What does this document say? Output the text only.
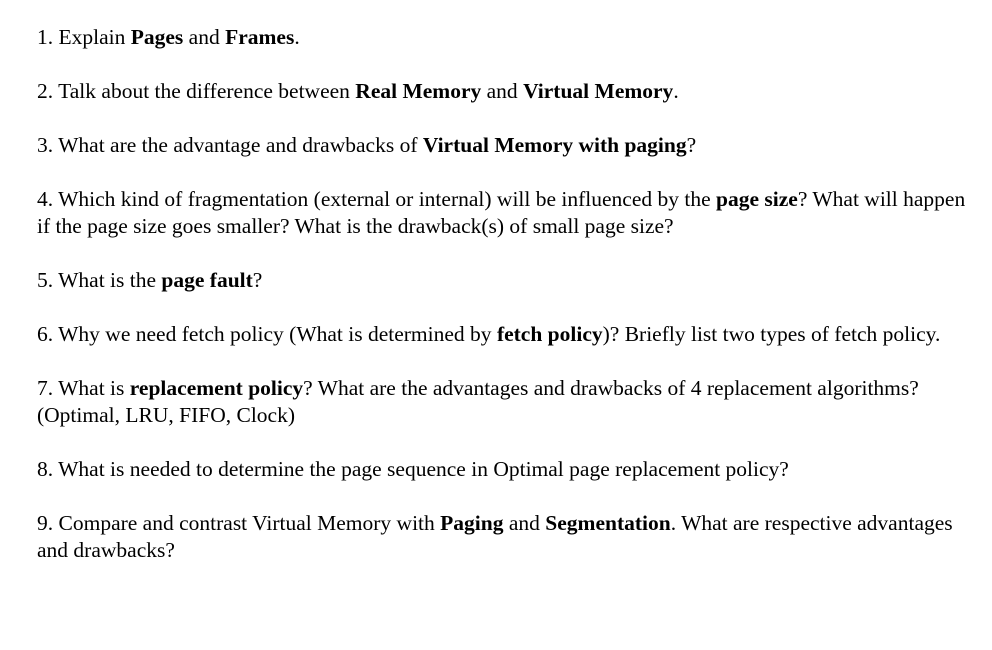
1. Explain Pages and Frames.

2. Talk about the difference between Real Memory and Virtual Memory.

3. What are the advantage and drawbacks of Virtual Memory with paging?

4. Which kind of fragmentation (external or internal) will be influenced by the page size? What will happen if the page size goes smaller? What is the drawback(s) of small page size?

5. What is the page fault?

6. Why we need fetch policy (What is determined by fetch policy)? Briefly list two types of fetch policy.

7. What is replacement policy? What are the advantages and drawbacks of 4 replacement algorithms? (Optimal, LRU, FIFO, Clock)

8. What is needed to determine the page sequence in Optimal page replacement policy?

9. Compare and contrast Virtual Memory with Paging and Segmentation. What are respective advantages and drawbacks?
